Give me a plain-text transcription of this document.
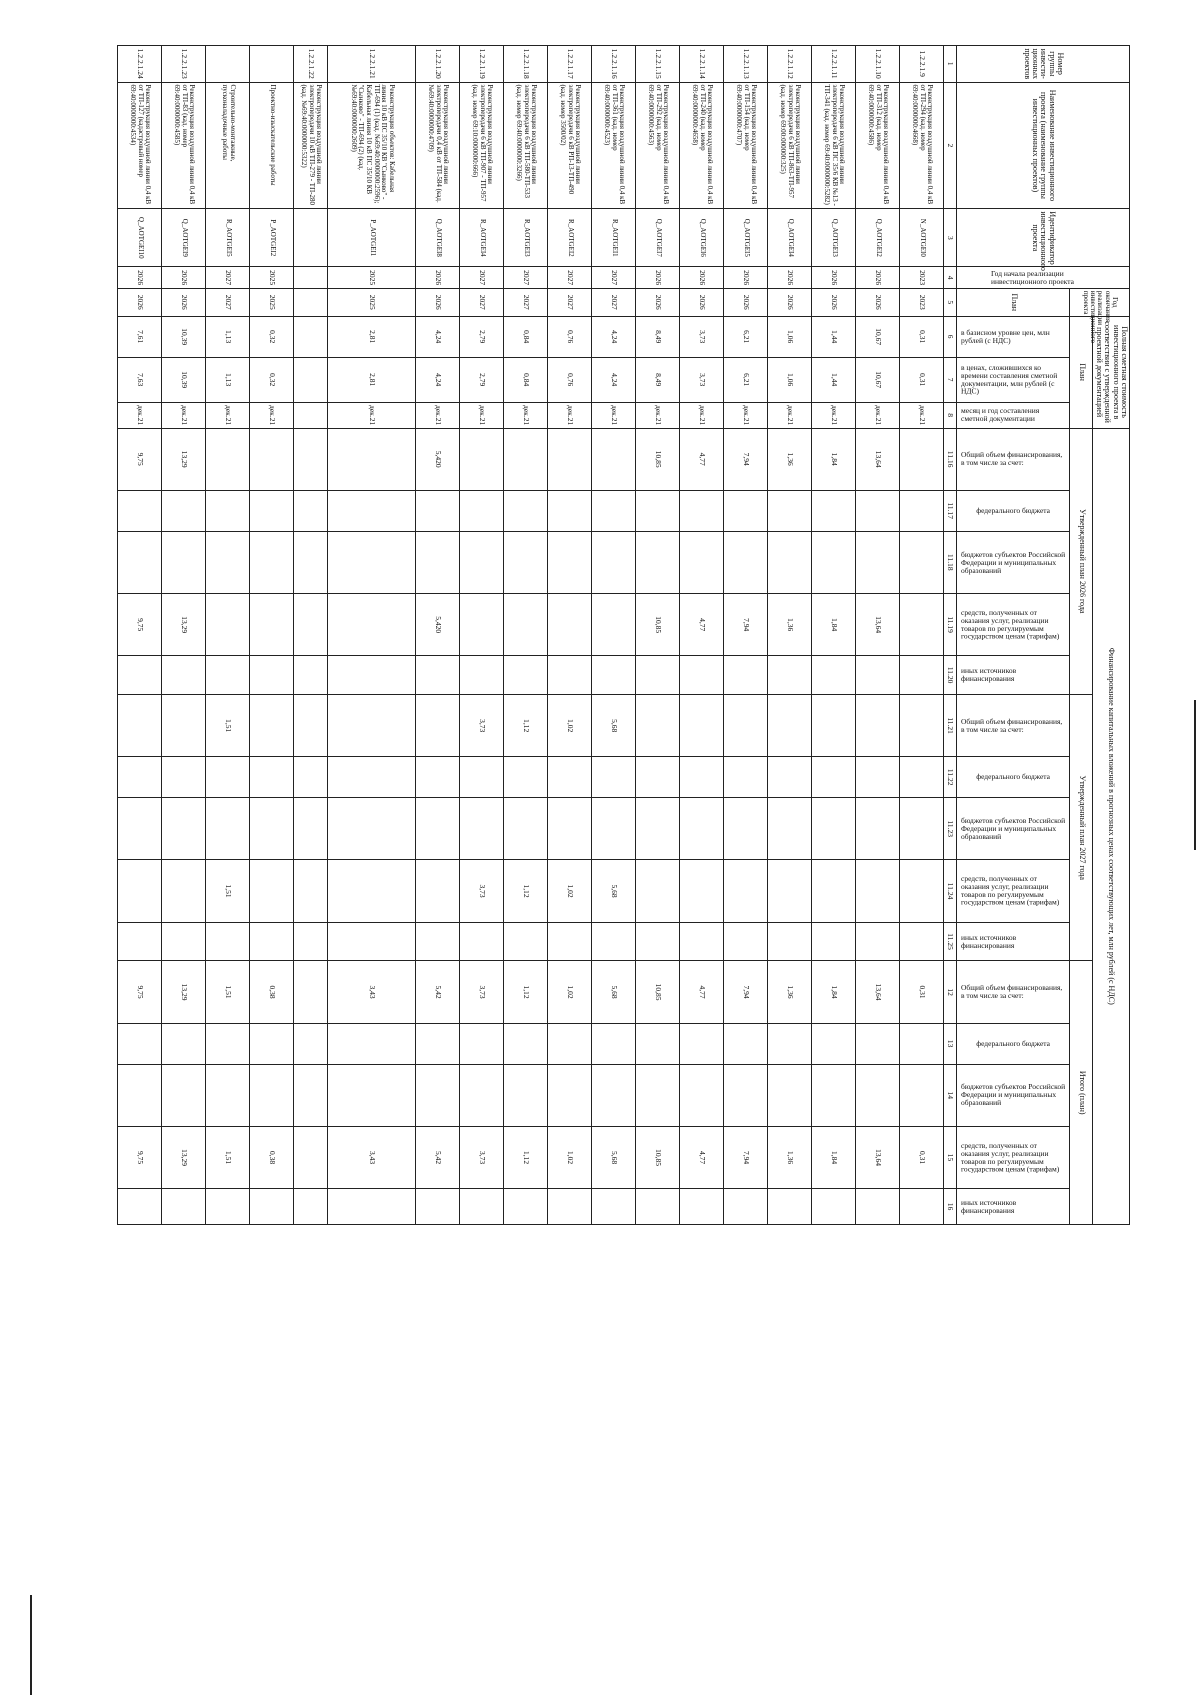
Номер группы инвести-ционных проектов	Наименование инвестиционного проекта (наименование группы инвестиционных проектов)	Идентификатор инвестиционного проекта	Год начала реализации инвестиционного проекта	Год окончания реализации инвестиционного проекта	Полная сметная стоимость инвестиционного проекта в соответствии с утвержденной проектной документацией			Финансирование капитальных вложений в прогнозных ценах соответствующих лет, млн рублей (с НДС)														
					План			Утвержденный план 2026 года					Утвержденный план 2027 года					Итого (план)				
				План	в базисном уровне цен, млн рублей (с НДС)	в ценах, сложившихся ко времени составления сметной документации, млн рублей (с НДС)	месяц и год составления сметной документации	Общий объем финансирования, в том числе за счет:	федерального бюджета	бюджетов субъектов Российской Федерации и муниципальных образований	средств, полученных от оказания услуг, реализации товаров по регулируемым государством ценам (тарифам)	иных источников финансирования	Общий объем финансирования, в том числе за счет:	федерального бюджета	бюджетов субъектов Российской Федерации и муниципальных образований	средств, полученных от оказания услуг, реализации товаров по регулируемым государством ценам (тарифам)	иных источников финансирования	Общий объем финансирования, в том числе за счет:	федерального бюджета	бюджетов субъектов Российской Федерации и муниципальных образований	средств, полученных от оказания услуг, реализации товаров по регулируемым государством ценам (тарифам)	иных источников финансирования

1	2	3	4	5	6	7	8	11.16	11.17	11.18	11.19	11.20	11.21	11.22	11.23	11.24	11.25	12	13	14	15	16
1.2.2.1.9	Реконструкция воздушной линии 0,4 кВ от ТП-294 (кад. номер 69:40:0000000:4668)	N_AOTGEI0	2023	2023	0,31	0,31	дек.21											0,31			0,31	
1.2.2.1.10	Реконструкция воздушной линии 0,4 кВ от ТП-312 (кад. номер 69:40:0000000:4586)	Q_AOTGEI2	2026	2026	10,67	10,67	дек.21	13,64			13,64							13,64			13,64	
1.2.2.1.11	Реконструкция воздушной линии электропередачи 6 кВ ПС 35/6 КВ №13 - ТП-341 (кад. номер 69:40:0000000:5282)	Q_AOTGEI3	2026	2026	1,44	1,44	дек.21	1,84			1,84							1,84			1,84	
1.2.2.1.12	Реконструкция воздушной линии электропередачи 6 кВ ТП-863-ТП-957 (кад. номер 69:00:000000:325)	Q_AOTGEI4	2026	2026	1,06	1,06	дек.21	1,36			1,36							1,36			1,36	
1.2.2.1.13	Реконструкция воздушной линии 0,4 кВ от ТП-154 (кад. номер 69:40:0000000:4707)	Q_AOTGEI5	2026	2026	6,21	6,21	дек.21	7,94			7,94							7,94			7,94	
1.2.2.1.14	Реконструкция воздушной линии 0,4 кВ от ТП-240 (кад. номер 69:40:0000000:4658)	Q_AOTGEI6	2026	2026	3,73	3,73	дек.21	4,77			4,77							4,77			4,77	
1.2.2.1.15	Реконструкция воздушной линии 0,4 кВ от ТП-292 (кад. номер 69:40:0000000:4563)	Q_AOTGEI7	2026	2026	8,49	8,49	дек.21	10,85			10,85							10,85			10,85	
1.2.2.1.16	Реконструкция воздушной линии 0,4 кВ от ТП-361 (кад. номер 69:40:0000000:4523)	R_AOTGEI1	2027	2027	4,24	4,24	дек.21						5,68			5,68		5,68			5,68	
1.2.2.1.17	Реконструкция воздушной линии электропередачи 6 кВ РП-13-ТП-490 (кад. номер 3500/02)	R_AOTGEI2	2027	2027	0,76	0,76	дек.21						1,02			1,02		1,02			1,02	
1.2.2.1.18	Реконструкция воздушной линии электропередачи 6 кВ ТП-580-ТП-533 (кад. номер 69:40:0000000:3266)	R_AOTGEI3	2027	2027	0,84	0,84	дек.21						1,12			1,12		1,12			1,12	
1.2.2.1.19	Реконструкция воздушной линии электропередачи 6 кВ ТП-907 - ТП-957 (кад. номер 69:10:0000000:666)	R_AOTGEI4	2027	2027	2,79	2,79	дек.21						3,73			3,73		3,73			3,73	
1.2.2.1.20	Реконструкция воздушной линии электропередачи 0,4 кВ от ТП-584 (кад. №69:40:0000000:4709)	Q_AOTGEI8	2026	2026	4,24	4,24	дек.21	5,420			5,420							5,42			5,42	
1.2.2.1.21	Реконструкция объектов: Кабельная линия 10 кВ ПС 35/10 КВ "Сынково" - ТП-694 (1) (кад. №69:40:0000000:2596); Кабельная линия 10 кВ ПС 35/10 КВ "Сынково" - ТП-694 (2) (кад. №69:40:0000000:2609)	P_AOTGEI1	2025	2025	2,81	2,81	дек.21											3,43			3,43	
1.2.2.1.22	Реконструкция воздушной линии электропередачи 10 кВ ТП-279 - ТП-280 (кад. №69:40:0000000:5322)																					
	Проектно-изыскательские работы	P_AOTGEI2	2025	2025	0,32	0,32	дек.21											0,38			0,38	
	Строительно-монтажные, пусконаладочные работы	R_AOTGEI5	2027	2027	1,13	1,13	дек.21						1,51			1,51		1,51			1,51	
1.2.2.1.23	Реконструкция воздушной линии 0,4 кВ от ТП-83 (кад. номер 69:40:0000000:4585)	Q_AOTGEI9	2026	2026	10,39	10,39	дек.21	13,29			13,29							13,29			13,29	
1.2.2.1.24	Реконструкция воздушной линии 0,4 кВ от ТП-127 (кадастровый номер 69:40:0000000:4534)	Q_AOTGEI10	2026	2026	7,61	7,63	дек.21	9,75			9,75							9,75			9,75	
